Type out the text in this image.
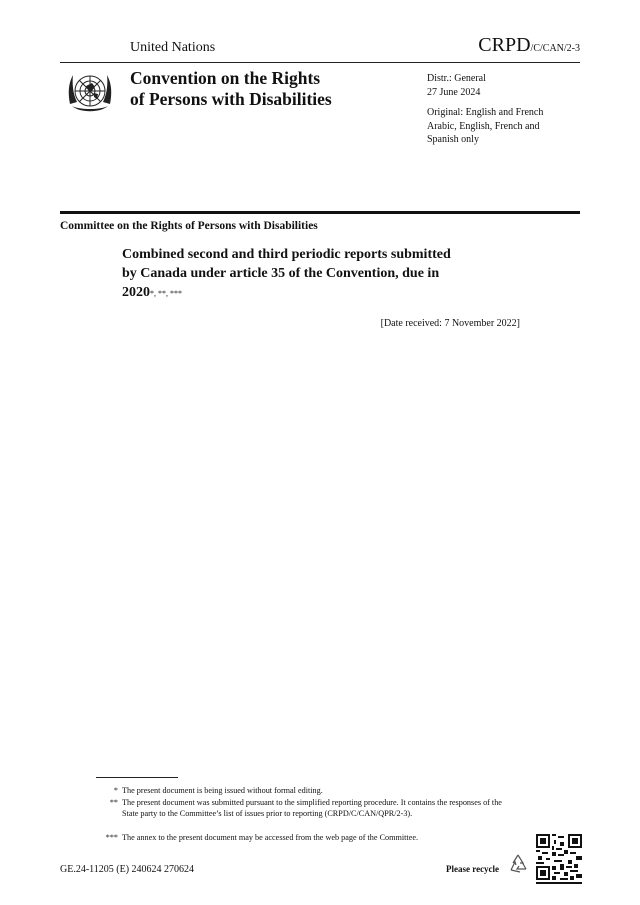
United Nations	CRPD/C/CAN/2-3
Convention on the Rights
of Persons with Disabilities
Distr.: General
27 June 2024
Original: English and French
Arabic, English, French and
Spanish only
Committee on the Rights of Persons with Disabilities
Combined second and third periodic reports submitted
by Canada under article 35 of the Convention, due in
2020*, **, ***
[Date received: 7 November 2022]
* The present document is being issued without formal editing.
** The present document was submitted pursuant to the simplified reporting procedure. It contains the responses of the State party to the Committee’s list of issues prior to reporting (CRPD/C/CAN/QPR/2-3).
*** The annex to the present document may be accessed from the web page of the Committee.
GE.24-11205 (E) 240624 270624	Please recycle
